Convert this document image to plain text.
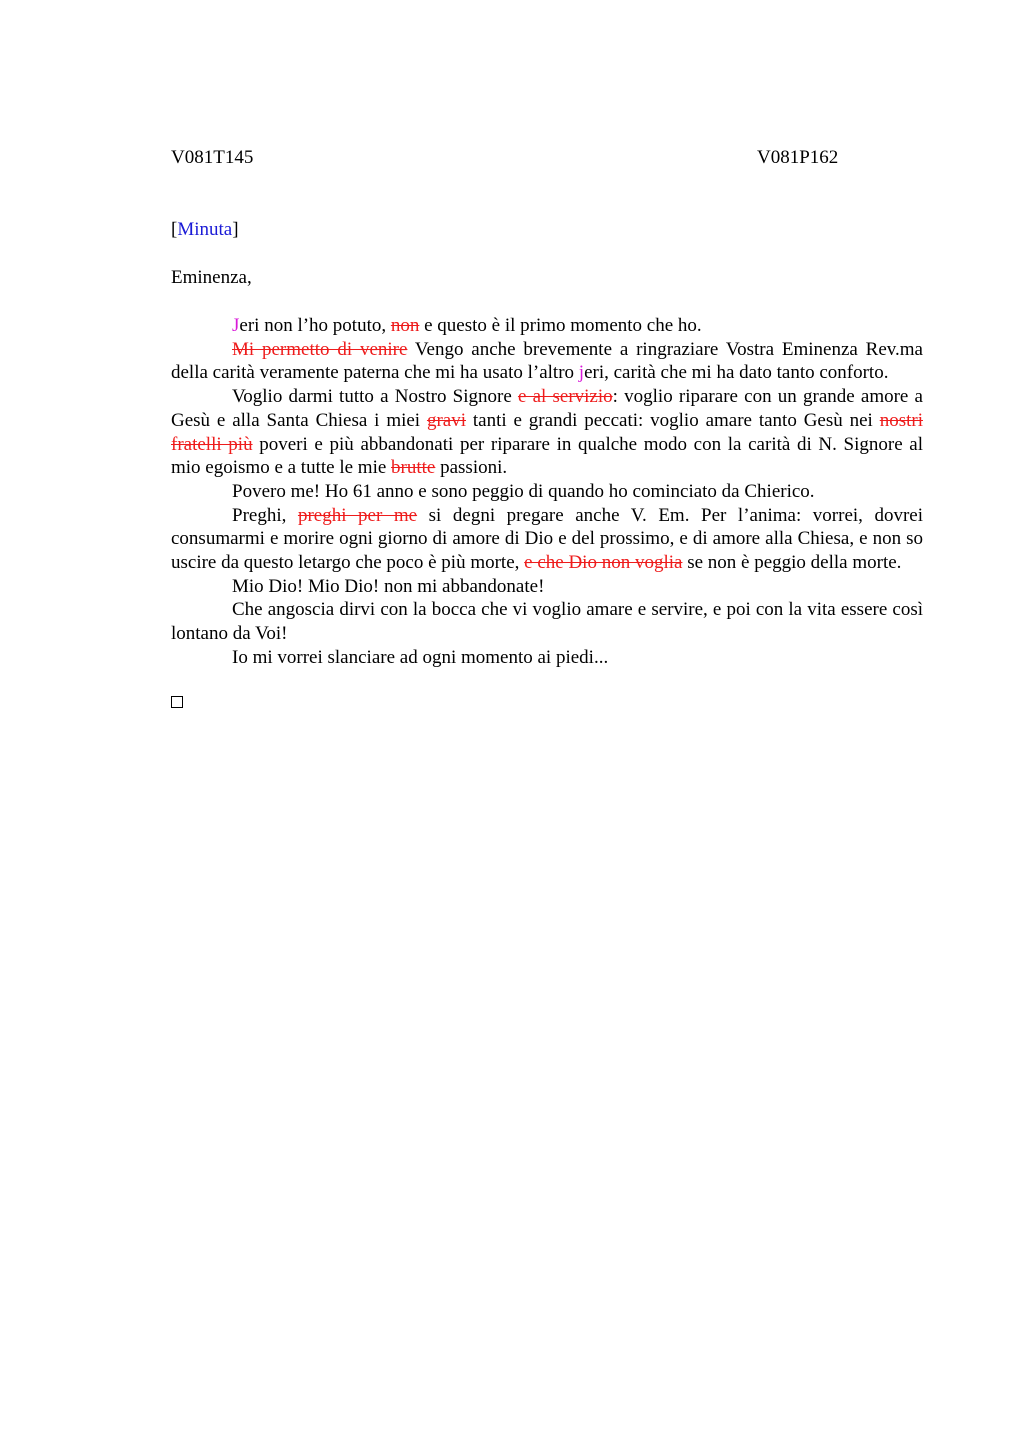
V081T145	V081P162
[Minuta]
Eminenza,

Jeri non l’ho potuto, non e questo è il primo momento che ho.

Mi permetto di venire Vengo anche brevemente a ringraziare Vostra Eminenza Rev.ma della carità veramente paterna che mi ha usato l’altro jeri, carità che mi ha dato tanto conforto.

Voglio darmi tutto a Nostro Signore e al servizio: voglio riparare con un grande amore a Gesù e alla Santa Chiesa i miei gravi tanti e grandi peccati: voglio amare tanto Gesù nei nostri fratelli più poveri e più abbandonati per riparare in qualche modo con la carità di N. Signore al mio egoismo e a tutte le mie brutte passioni.

Povero me! Ho 61 anno e sono peggio di quando ho cominciato da Chierico.

Preghi, preghi per me si degni pregare anche V. Em. Per l’anima: vorrei, dovrei consumarmi e morire ogni giorno di amore di Dio e del prossimo, e di amore alla Chiesa, e non so uscire da questo letargo che poco è più morte, e che Dio non voglia se non è peggio della morte.

Mio Dio! Mio Dio! non mi abbandonate!

Che angoscia dirvi con la bocca che vi voglio amare e servire, e poi con la vita essere così lontano da Voi!

Io mi vorrei slanciare ad ogni momento ai piedi...
